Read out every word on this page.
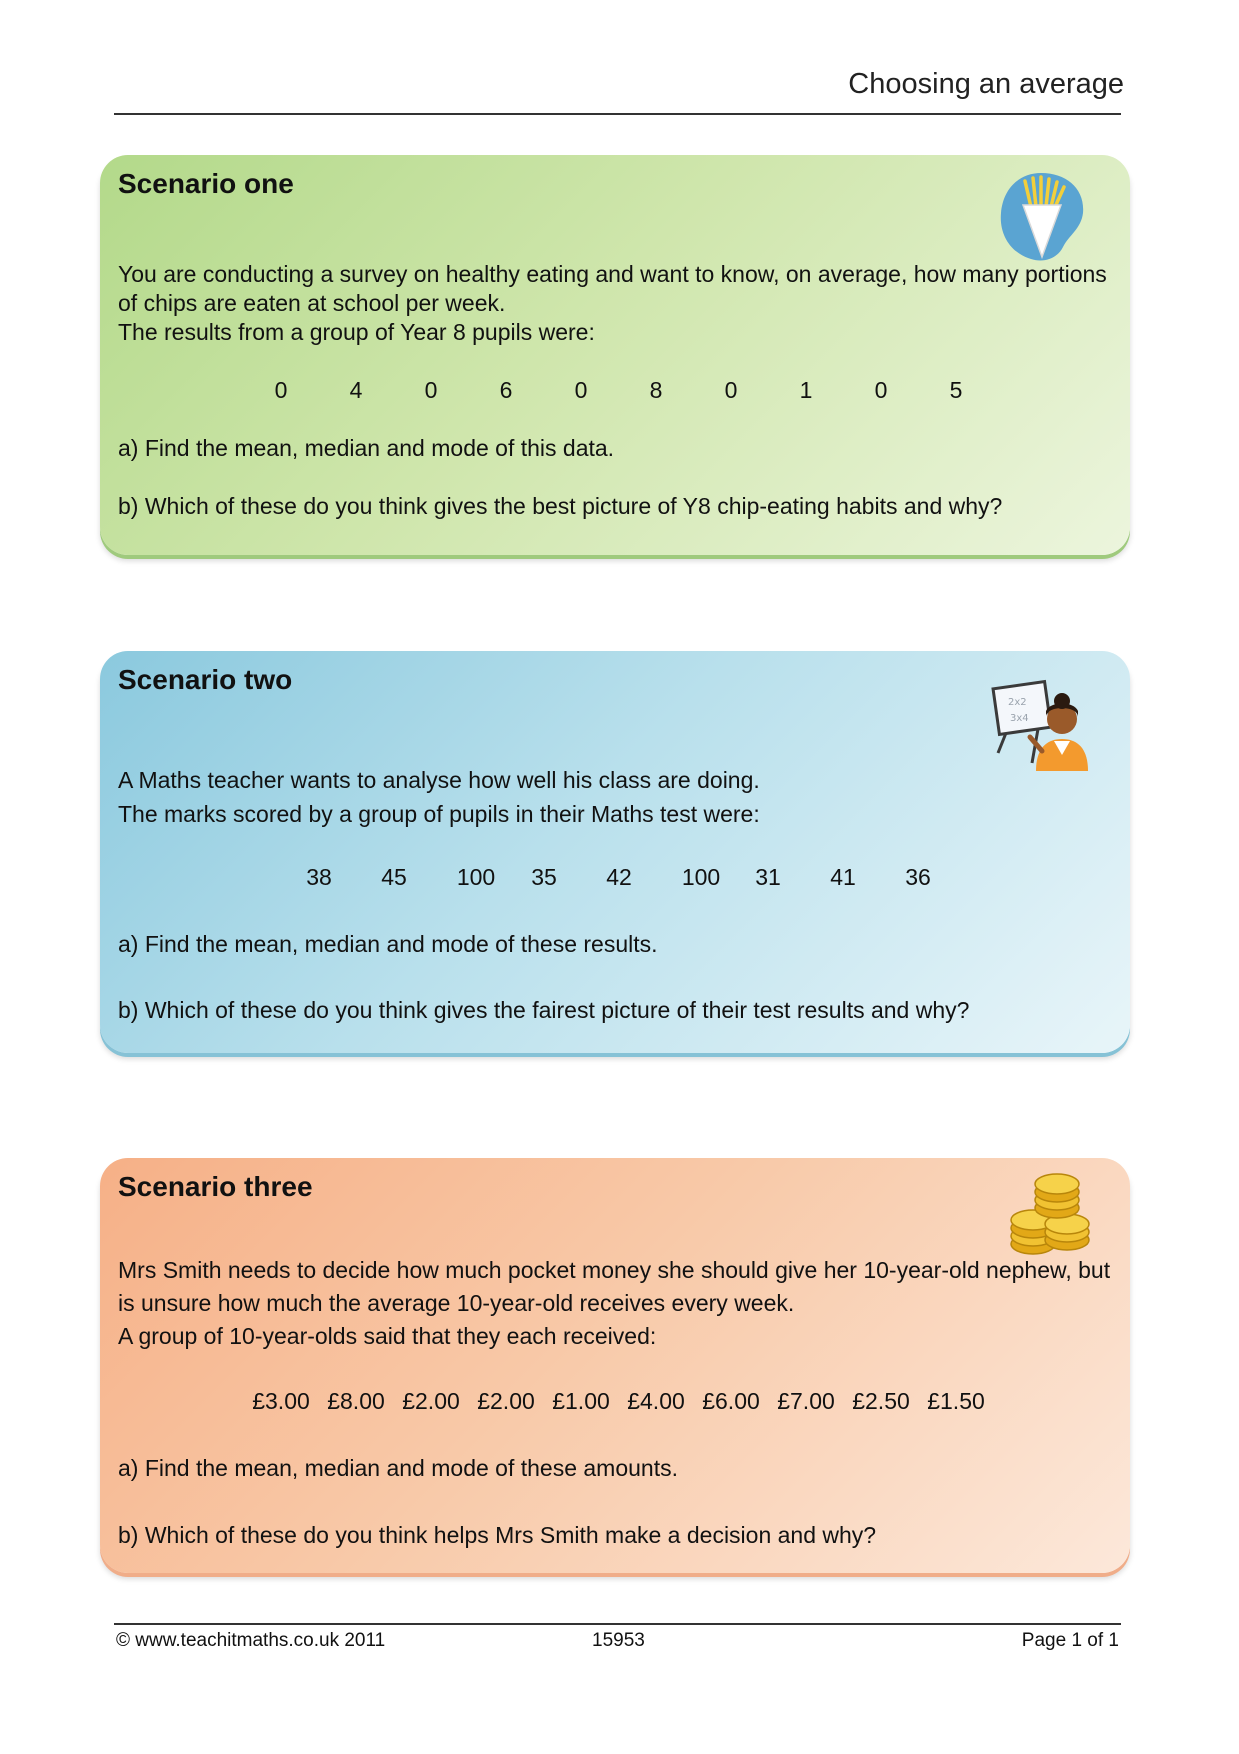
Choosing an average
Scenario one
You are conducting a survey on healthy eating and want to know, on average, how many portions
of chips are eaten at school per week.
The results from a group of Year 8 pupils were:
0	4	0	6	0	8	0	1	0	5
a) Find the mean, median and mode of this data.
b) Which of these do you think gives the best picture of Y8 chip-eating habits and why?
Scenario two
A Maths teacher wants to analyse how well his class are doing.
The marks scored by a group of pupils in their Maths test were:
38 45 100 35 42 100 31 41 36
a) Find the mean, median and mode of these results.
b) Which of these do you think gives the fairest picture of their test results and why?
2x2
3x4
Scenario three
Mrs Smith needs to decide how much pocket money she should give her 10-year-old nephew, but
is unsure how much the average 10-year-old receives every week.
A group of 10-year-olds said that they each received:
£3.00 £8.00 £2.00 £2.00 £1.00 £4.00 £6.00 £7.00 £2.50 £1.50
a) Find the mean, median and mode of these amounts.
b) Which of these do you think helps Mrs Smith make a decision and why?
© www.teachitmaths.co.uk 2011	15953	Page 1 of 1
